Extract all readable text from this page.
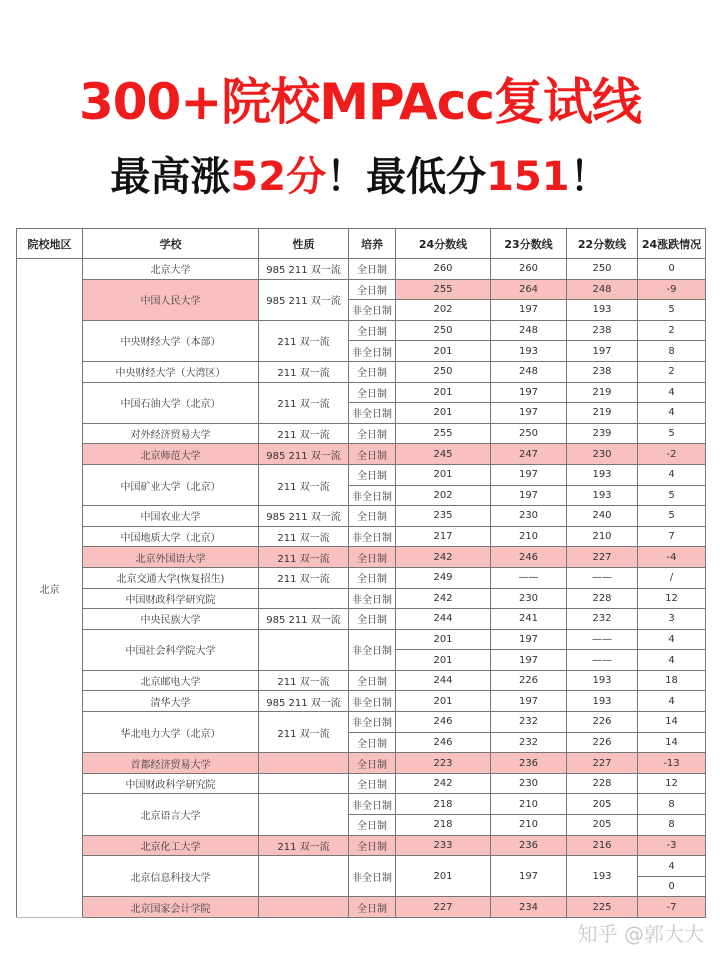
300+院校MPAcc复试线
最高涨52分！最低分151！
院校地区	学校	性质	培养	24分数线	23分数线	22分数线	24涨跌情况
北京	北京大学	985 211 双一流	全日制	260	260	250	0
	中国人民大学	985 211 双一流	全日制	255	264	248	-9
			非全日制	202	197	193	5
	中央财经大学（本部）	211 双一流	全日制	250	248	238	2
			非全日制	201	193	197	8
	中央财经大学（大湾区）	211 双一流	全日制	250	248	238	2
	中国石油大学（北京）	211 双一流	全日制	201	197	219	4
			非全日制	201	197	219	4
	对外经济贸易大学	211 双一流	全日制	255	250	239	5
	北京师范大学	985 211 双一流	全日制	245	247	230	-2
	中国矿业大学（北京）	211 双一流	全日制	201	197	193	4
			非全日制	202	197	193	5
	中国农业大学	985 211 双一流	全日制	235	230	240	5
	中国地质大学（北京）	211 双一流	非全日制	217	210	210	7
	北京外国语大学	211 双一流	全日制	242	246	227	-4
	北京交通大学(恢复招生)	211 双一流	全日制	249	——	——	/
	中国财政科学研究院		非全日制	242	230	228	12
	中央民族大学	985 211 双一流	全日制	244	241	232	3
	中国社会科学院大学		非全日制	201	197	——	4
				201	197	——	4
	北京邮电大学	211 双一流	全日制	244	226	193	18
	清华大学	985 211 双一流	非全日制	201	197	193	4
	华北电力大学（北京）	211 双一流	非全日制	246	232	226	14
			全日制	246	232	226	14
	首都经济贸易大学		全日制	223	236	227	-13
	中国财政科学研究院		全日制	242	230	228	12
	北京语言大学		非全日制	218	210	205	8
			全日制	218	210	205	8
	北京化工大学	211 双一流	全日制	233	236	216	-3
	北京信息科技大学		非全日制	201	197	193	4
							0
	北京国家会计学院		全日制	227	234	225	-7
知乎 @郭大大
